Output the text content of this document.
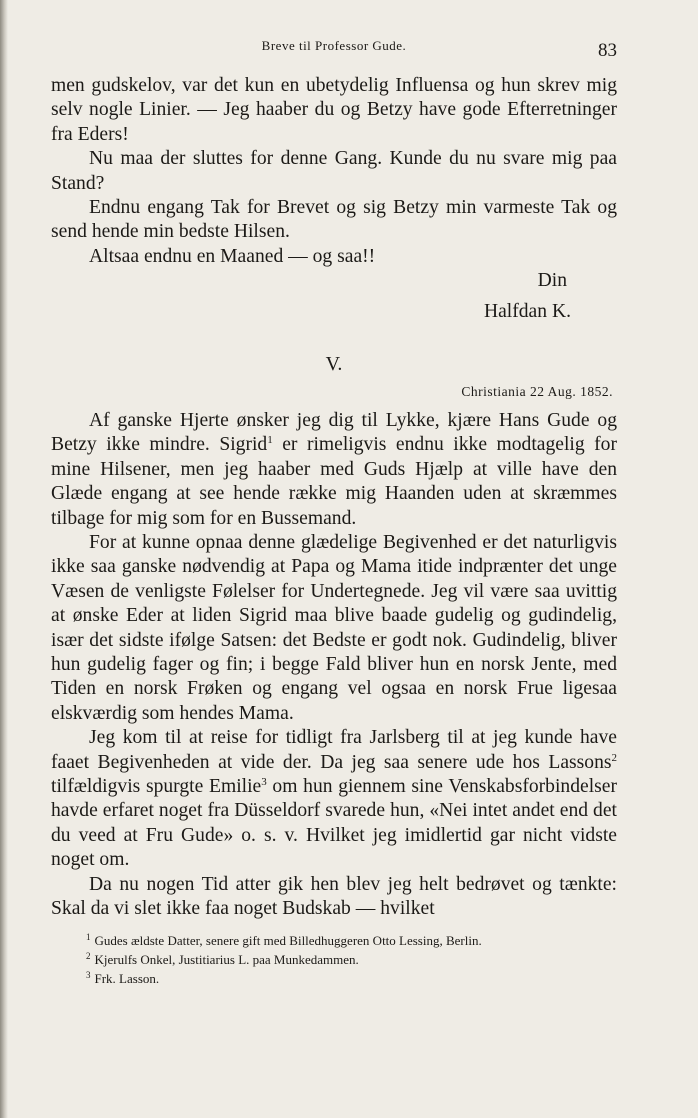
Breve til Professor Gude.	83

men gudskelov, var det kun en ubetydelig Influensa og hun skrev mig selv nogle Linier. — Jeg haaber du og Betzy have gode Efterretninger fra Eders!

Nu maa der sluttes for denne Gang. Kunde du nu svare mig paa Stand?

Endnu engang Tak for Brevet og sig Betzy min varmeste Tak og send hende min bedste Hilsen.

Altsaa endnu en Maaned — og saa!!

Din
Halfdan K.
V.
Christiania 22 Aug. 1852.

Af ganske Hjerte ønsker jeg dig til Lykke, kjære Hans Gude og Betzy ikke mindre. Sigrid$^1$ er rimeligvis endnu ikke modtagelig for mine Hilsener, men jeg haaber med Guds Hjælp at ville have den Glæde engang at see hende række mig Haanden uden at skræmmes tilbage for mig som for en Bussemand.

For at kunne opnaa denne glædelige Begivenhed er det naturligvis ikke saa ganske nødvendig at Papa og Mama itide indprænter det unge Væsen de venligste Følelser for Undertegnede. Jeg vil være saa uvittig at ønske Eder at liden Sigrid maa blive baade gudelig og gudindelig, især det sidste ifølge Satsen: det Bedste er godt nok. Gudindelig, bliver hun gudelig fager og fin; i begge Fald bliver hun en norsk Jente, med Tiden en norsk Frøken og engang vel ogsaa en norsk Frue ligesaa elskværdig som hendes Mama.

Jeg kom til at reise for tidligt fra Jarlsberg til at jeg kunde have faaet Begivenheden at vide der. Da jeg saa senere ude hos Lassons$^2$ tilfældigvis spurgte Emilie$^3$ om hun giennem sine Venskabsforbindelser havde erfaret noget fra Düsseldorf svarede hun, «Nei intet andet end det du veed at Fru Gude» o. s. v. Hvilket jeg imidlertid gar nicht vidste noget om.

Da nu nogen Tid atter gik hen blev jeg helt bedrøvet og tænkte: Skal da vi slet ikke faa noget Budskab — hvilket

$^1$ Gudes ældste Datter, senere gift med Billedhuggeren Otto Lessing, Berlin.
$^2$ Kjerulfs Onkel, Justitiarius L. paa Munkedammen.
$^3$ Frk. Lasson.
